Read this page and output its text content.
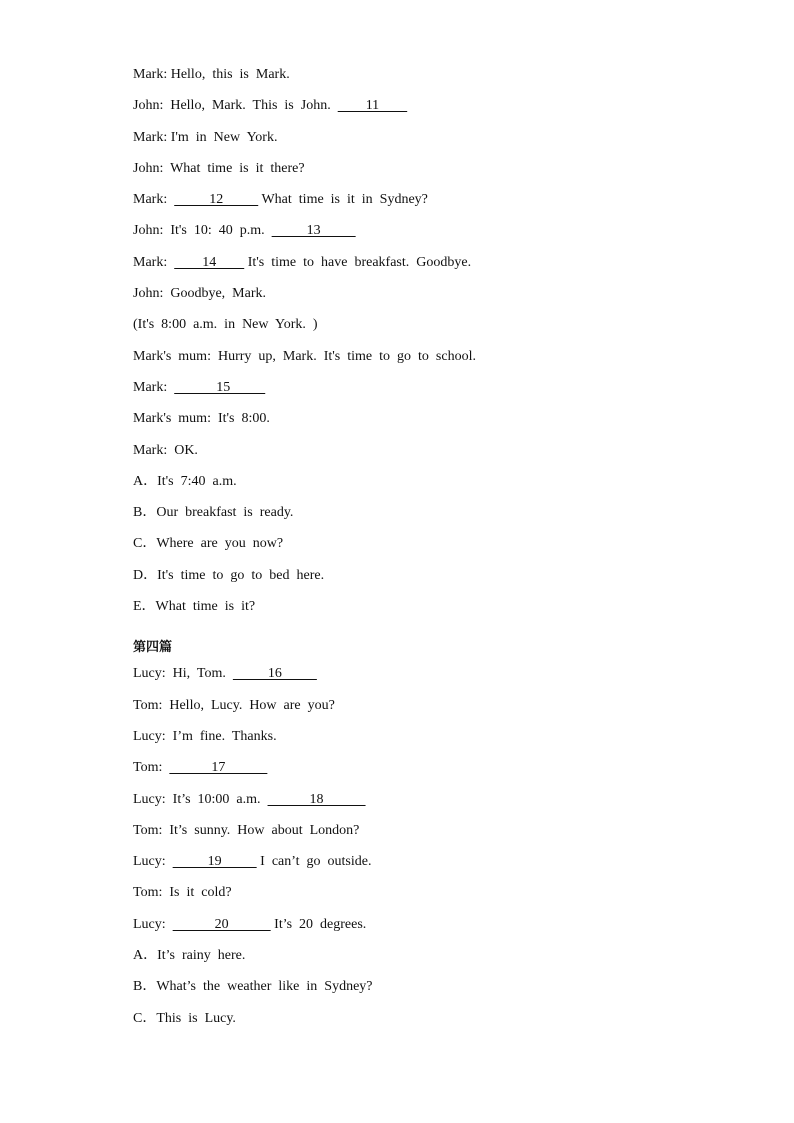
Mark: Hello,  this  is  Mark.
John:  Hello,  Mark.  This  is  John.      11    
Mark: I'm  in  New  York.
John:  What  time  is  it  there?
Mark:       12      What  time  is  it  in  Sydney?
John:  It's  10:  40  p.m.       13     
Mark:      14     It's  time  to  have  breakfast.  Goodbye.
John:  Goodbye,  Mark.
(It's  8:00  a.m.  in  New  York.  )
Mark's  mum:  Hurry  up,  Mark.  It's  time  to  go  to  school.
Mark:        15     
Mark's  mum:  It's  8:00.
Mark:  OK.
A．It's  7:40  a.m.
B．Our  breakfast  is  ready.
C．Where  are  you  now?
D．It's  time  to  go  to  bed  here.
E．What  time  is  it?
第四篇
Lucy:  Hi,  Tom.       16     
Tom:  Hello,  Lucy.  How  are  you?
Lucy:  I’m  fine.  Thanks.
Tom:        17      
Lucy:  It’s  10:00  a.m.        18      
Tom:  It’s  sunny.  How  about  London?
Lucy:       19      I  can’t  go  outside.
Tom:  Is  it  cold?
Lucy:        20       It’s  20  degrees.
A．It’s  rainy  here.
B．What’s  the  weather  like  in  Sydney?
C．This  is  Lucy.
